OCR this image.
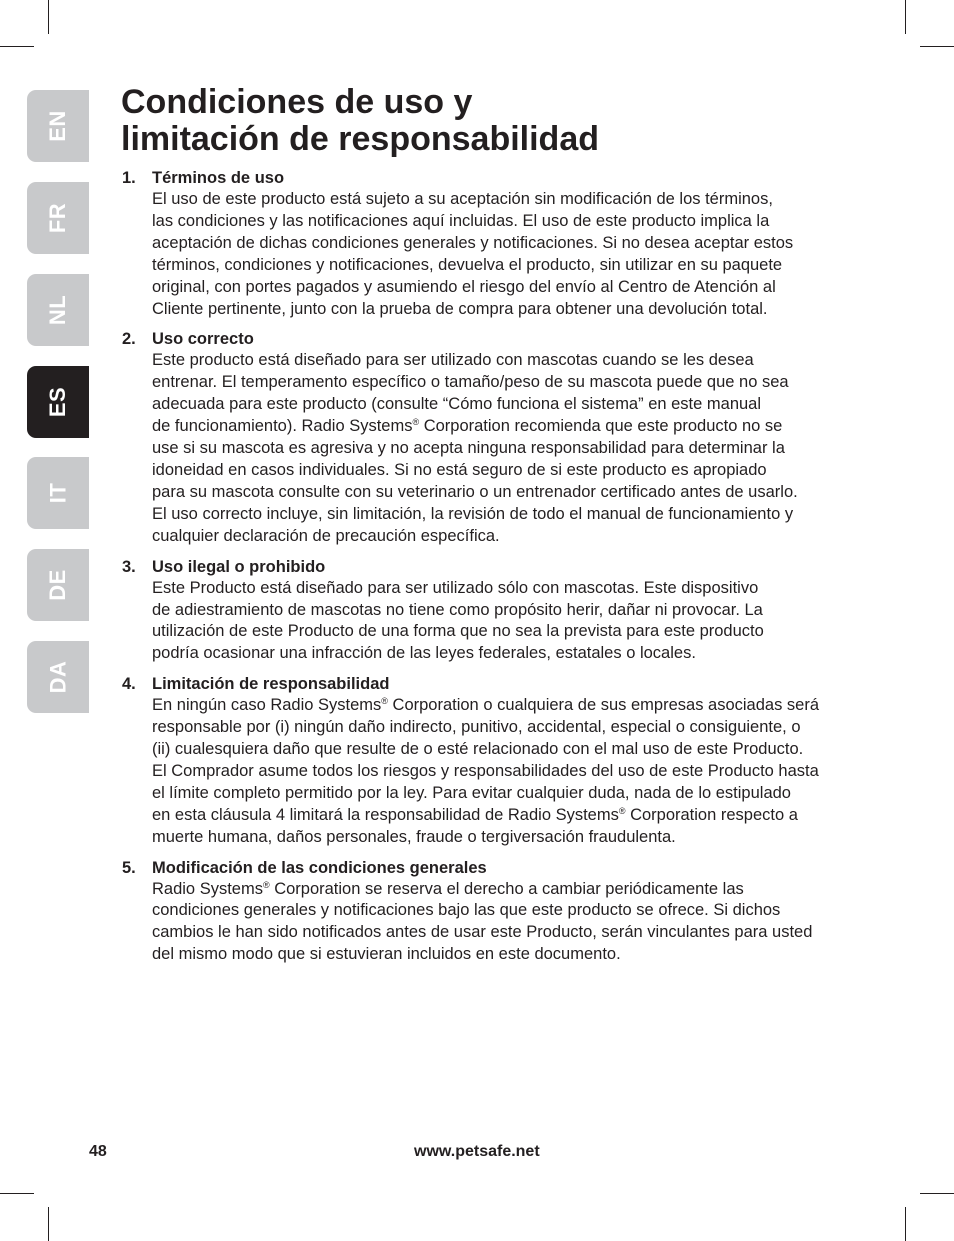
EN
FR
NL
ES
IT
DE
DA
Condiciones de uso y
limitación de responsabilidad
1. Términos de uso
El uso de este producto está sujeto a su aceptación sin modificación de los términos,
las condiciones y las notificaciones aquí incluidas. El uso de este producto implica la
aceptación de dichas condiciones generales y notificaciones. Si no desea aceptar estos
términos, condiciones y notificaciones, devuelva el producto, sin utilizar en su paquete
original, con portes pagados y asumiendo el riesgo del envío al Centro de Atención al
Cliente pertinente, junto con la prueba de compra para obtener una devolución total.
2. Uso correcto
Este producto está diseñado para ser utilizado con mascotas cuando se les desea
entrenar. El temperamento específico o tamaño/peso de su mascota puede que no sea
adecuada para este producto (consulte “Cómo funciona el sistema” en este manual
de funcionamiento). Radio Systems® Corporation recomienda que este producto no se
use si su mascota es agresiva y no acepta ninguna responsabilidad para determinar la
idoneidad en casos individuales. Si no está seguro de si este producto es apropiado
para su mascota consulte con su veterinario o un entrenador certificado antes de usarlo.
El uso correcto incluye, sin limitación, la revisión de todo el manual de funcionamiento y
cualquier declaración de precaución específica.
3. Uso ilegal o prohibido
Este Producto está diseñado para ser utilizado sólo con mascotas. Este dispositivo
de adiestramiento de mascotas no tiene como propósito herir, dañar ni provocar. La
utilización de este Producto de una forma que no sea la prevista para este producto
podría ocasionar una infracción de las leyes federales, estatales o locales.
4. Limitación de responsabilidad
En ningún caso Radio Systems® Corporation o cualquiera de sus empresas asociadas será
responsable por (i) ningún daño indirecto, punitivo, accidental, especial o consiguiente, o
(ii) cualesquiera daño que resulte de o esté relacionado con el mal uso de este Producto.
El Comprador asume todos los riesgos y responsabilidades del uso de este Producto hasta
el límite completo permitido por la ley. Para evitar cualquier duda, nada de lo estipulado
en esta cláusula 4 limitará la responsabilidad de Radio Systems® Corporation respecto a
muerte humana, daños personales, fraude o tergiversación fraudulenta.
5. Modificación de las condiciones generales
Radio Systems® Corporation se reserva el derecho a cambiar periódicamente las
condiciones generales y notificaciones bajo las que este producto se ofrece. Si dichos
cambios le han sido notificados antes de usar este Producto, serán vinculantes para usted
del mismo modo que si estuvieran incluidos en este documento.
48	www.petsafe.net
